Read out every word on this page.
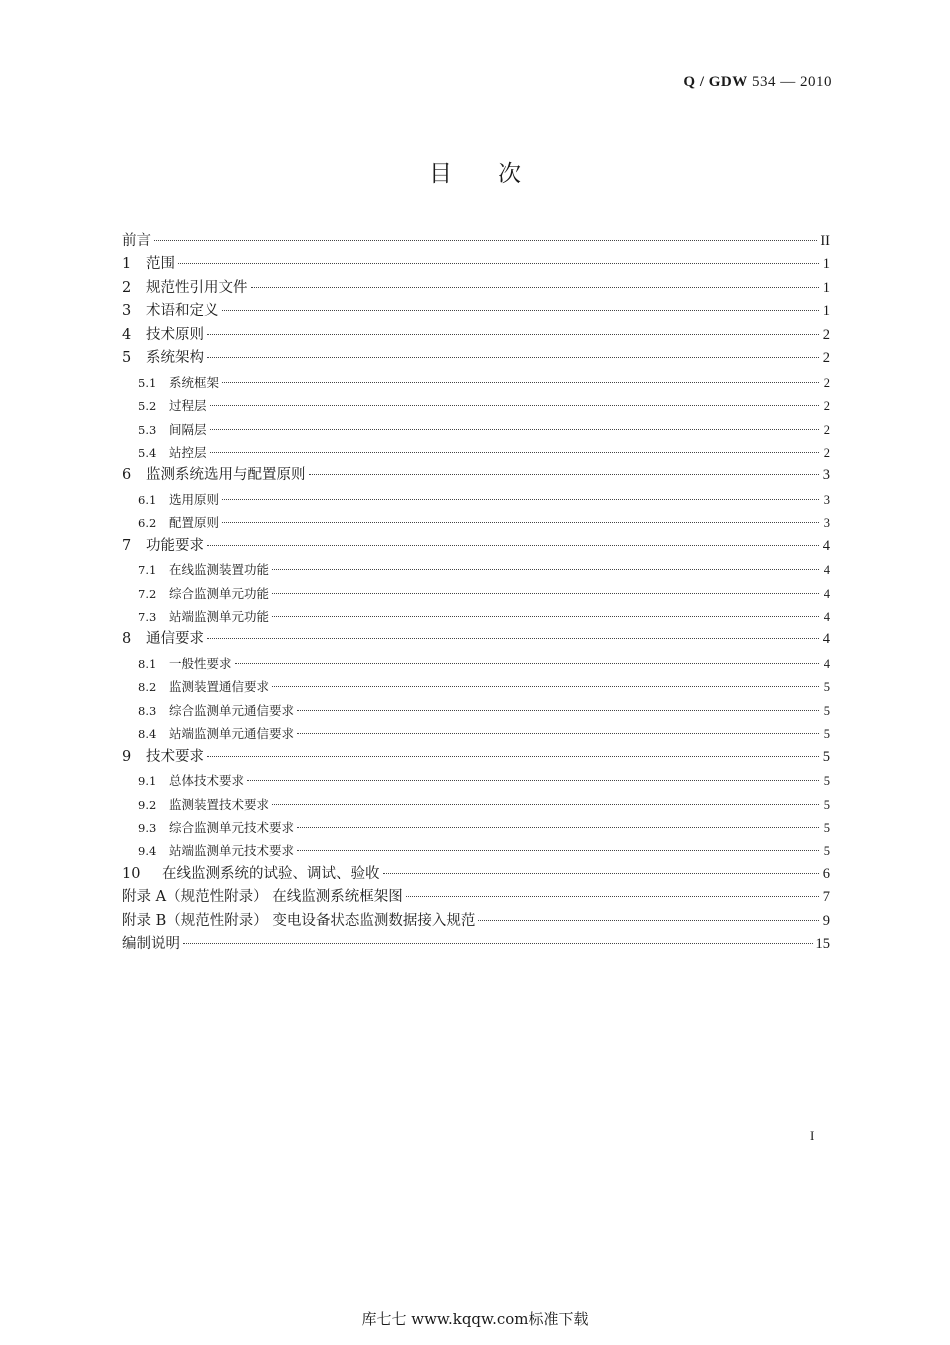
Q / GDW 534 — 2010
目次
前言	II
1	范围	1
2	规范性引用文件	1
3	术语和定义	1
4	技术原则	2
5	系统架构	2
5.1	系统框架	2
5.2	过程层	2
5.3	间隔层	2
5.4	站控层	2
6	监测系统选用与配置原则	3
6.1	选用原则	3
6.2	配置原则	3
7	功能要求	4
7.1	在线监测装置功能	4
7.2	综合监测单元功能	4
7.3	站端监测单元功能	4
8	通信要求	4
8.1	一般性要求	4
8.2	监测装置通信要求	5
8.3	综合监测单元通信要求	5
8.4	站端监测单元通信要求	5
9	技术要求	5
9.1	总体技术要求	5
9.2	监测装置技术要求	5
9.3	综合监测单元技术要求	5
9.4	站端监测单元技术要求	5
10	在线监测系统的试验、调试、验收	6
附录 A（规范性附录） 在线监测系统框架图	7
附录 B（规范性附录） 变电设备状态监测数据接入规范	9
编制说明	15
I
库七七 www.kqqw.com标准下载
